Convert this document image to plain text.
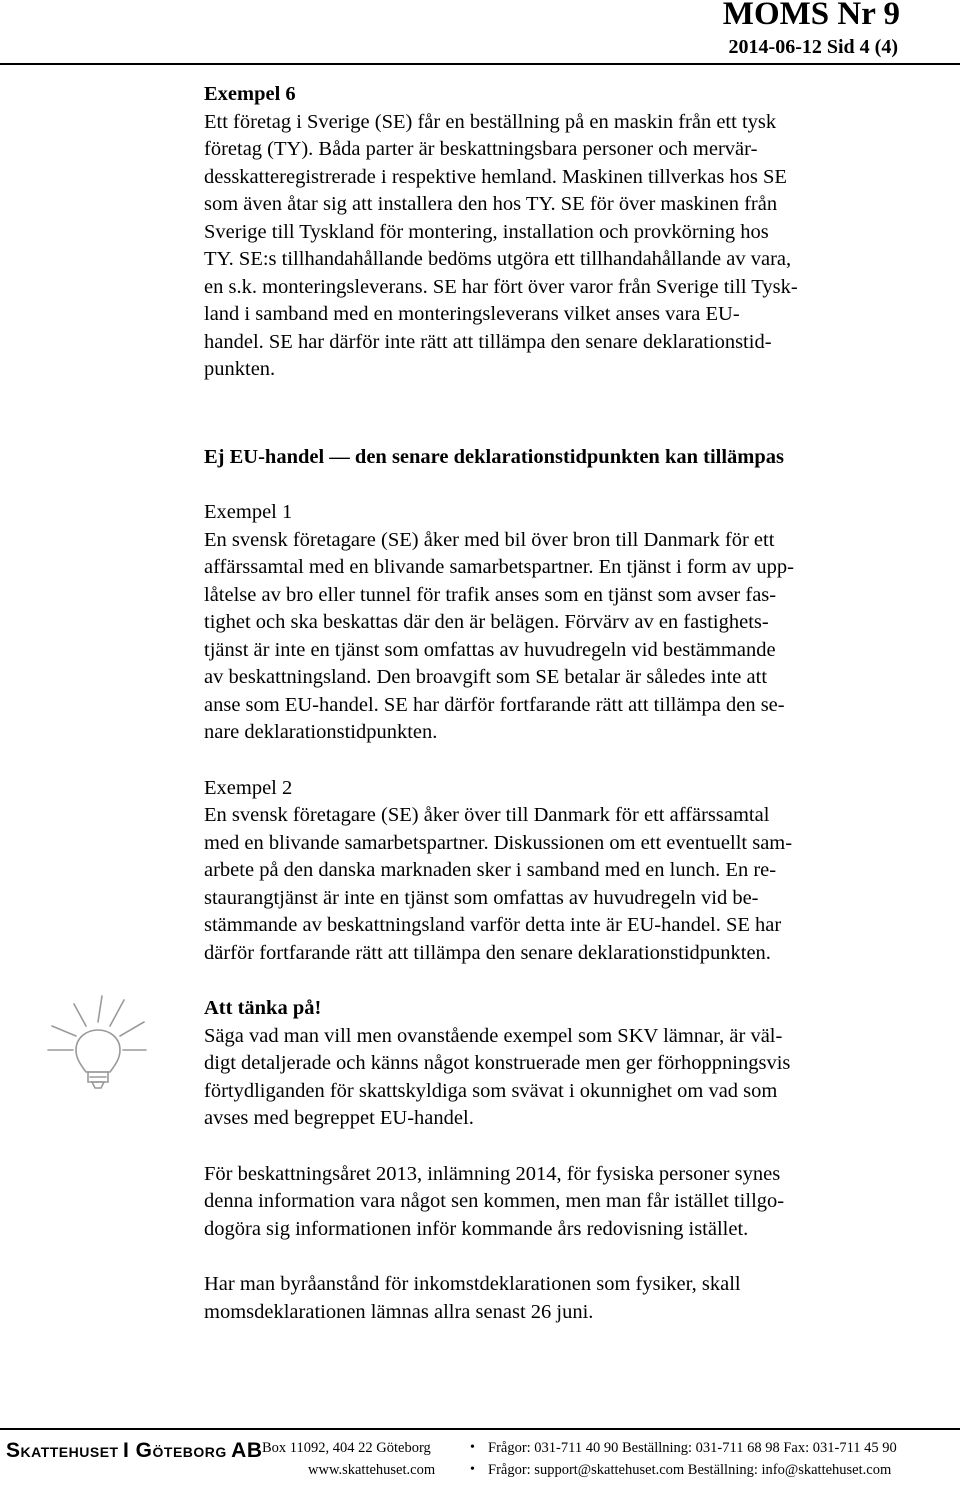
MOMS Nr 9
2014-06-12 Sid 4 (4)

Exempel 6

Ett företag i Sverige (SE) får en beställning på en maskin från ett tysk

företag (TY). Båda parter är beskattningsbara personer och mervär-

desskatteregistrerade i respektive hemland. Maskinen tillverkas hos SE

som även åtar sig att installera den hos TY. SE för över maskinen från

Sverige till Tyskland för montering, installation och provkörning hos

TY. SE:s tillhandahållande bedöms utgöra ett tillhandahållande av vara,

en s.k. monteringsleverans. SE har fört över varor från Sverige till Tysk-

land i samband med en monteringsleverans vilket anses vara EU-

handel. SE har därför inte rätt att tillämpa den senare deklarationstid-

punkten.

Ej EU-handel — den senare deklarationstidpunkten kan tillämpas

Exempel 1

En svensk företagare (SE) åker med bil över bron till Danmark för ett

affärssamtal med en blivande samarbetspartner. En tjänst i form av upp-

låtelse av bro eller tunnel för trafik anses som en tjänst som avser fas-

tighet och ska beskattas där den är belägen. Förvärv av en fastighets-

tjänst är inte en tjänst som omfattas av huvudregeln vid bestämmande

av beskattningsland. Den broavgift som SE betalar är således inte att

anse som EU-handel. SE har därför fortfarande rätt att tillämpa den se-

nare deklarationstidpunkten.

Exempel 2

En svensk företagare (SE) åker över till Danmark för ett affärssamtal

med en blivande samarbetspartner. Diskussionen om ett eventuellt sam-

arbete på den danska marknaden sker i samband med en lunch. En re-

staurangtjänst är inte en tjänst som omfattas av huvudregeln vid be-

stämmande av beskattningsland varför detta inte är EU-handel. SE har

därför fortfarande rätt att tillämpa den senare deklarationstidpunkten.

Att tänka på!

Säga vad man vill men ovanstående exempel som SKV lämnar, är väl-

digt detaljerade och känns något konstruerade men ger förhoppningsvis

förtydliganden för skattskyldiga som svävat i okunnighet om vad som

avses med begreppet EU-handel.

För beskattningsåret 2013, inlämning 2014, för fysiska personer synes

denna information vara något sen kommen, men man får istället tillgo-

dogöra sig informationen inför kommande års redovisning istället.

Har man byråanstånd för inkomstdeklarationen som fysiker, skall

momsdeklarationen lämnas allra senast 26 juni.

SKATTEHUSET I GÖTEBORG AB Box 11092, 404 22 Göteborg	• Frågor: 031-711 40 90 Beställning: 031-711 68 98 Fax: 031-711 45 90
www.skattehuset.com • Frågor: support@skattehuset.com Beställning: info@skattehuset.com
